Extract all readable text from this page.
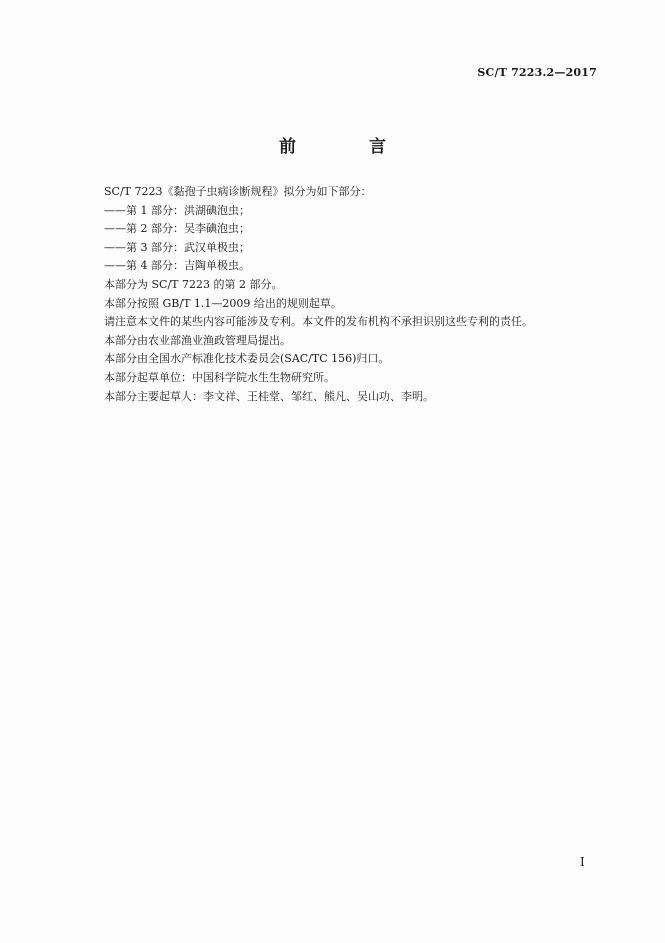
SC/T 7223.2—2017
前　言
SC/T 7223《黏孢子虫病诊断规程》拟分为如下部分：
——第 1 部分：洪湖碘泡虫；
——第 2 部分：吴李碘泡虫；
——第 3 部分：武汉单极虫；
——第 4 部分：吉陶单极虫。
本部分为 SC/T 7223 的第 2 部分。
本部分按照 GB/T 1.1—2009 给出的规则起草。
请注意本文件的某些内容可能涉及专利。本文件的发布机构不承担识别这些专利的责任。
本部分由农业部渔业渔政管理局提出。
本部分由全国水产标准化技术委员会(SAC/TC 156)归口。
本部分起草单位：中国科学院水生生物研究所。
本部分主要起草人：李文祥、王桂堂、邹红、熊凡、吴山功、李明。
I
